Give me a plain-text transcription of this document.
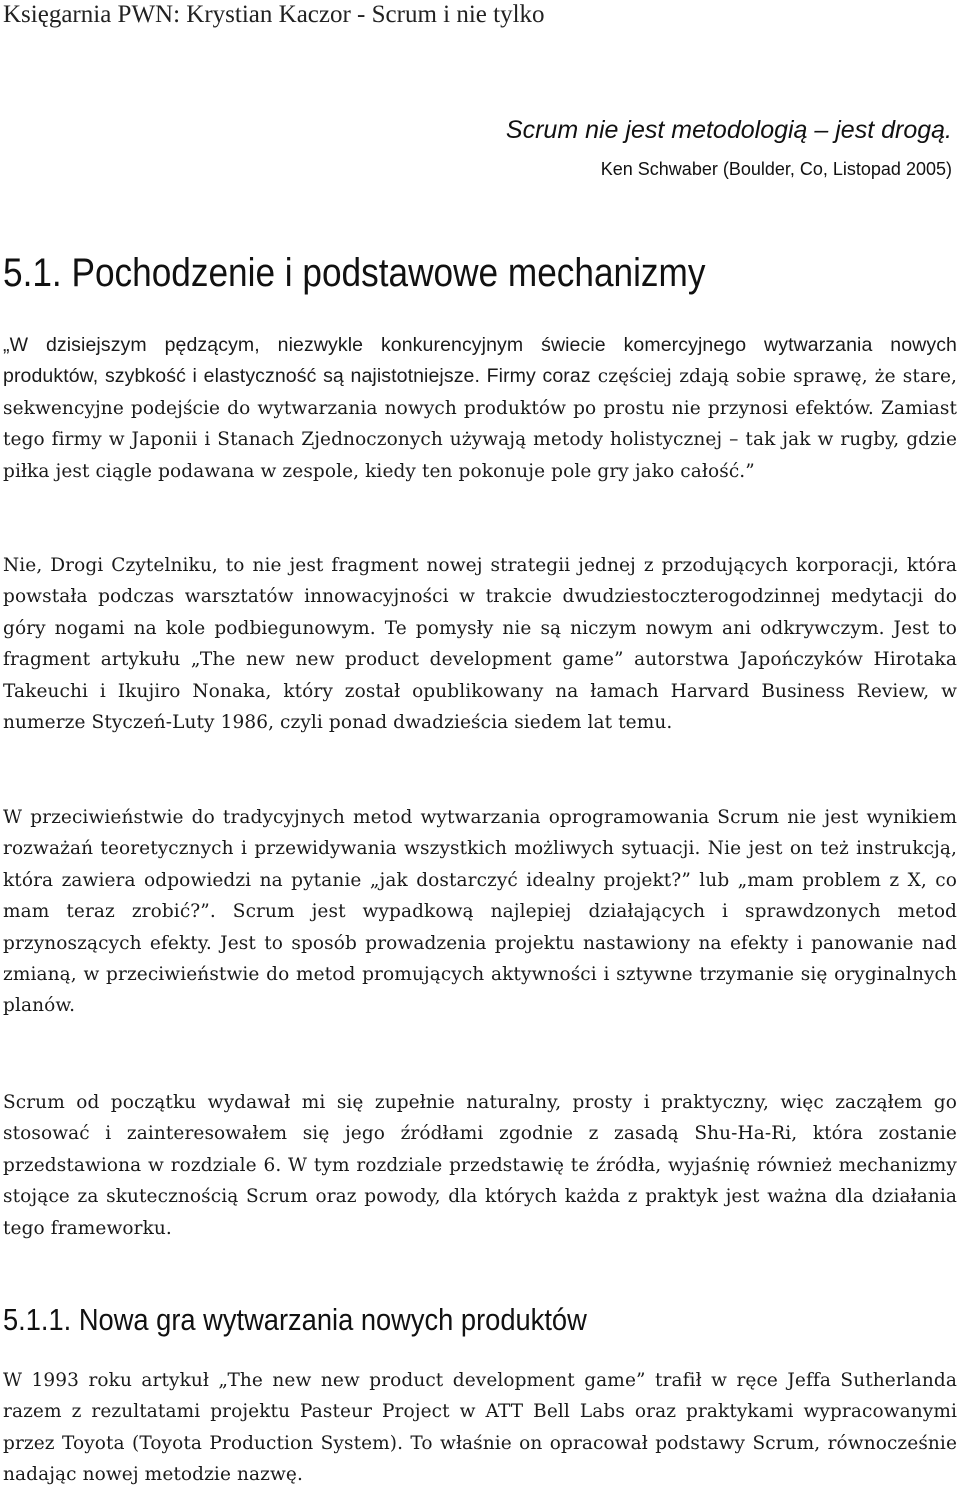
Księgarnia PWN: Krystian Kaczor - Scrum i nie tylko
Scrum nie jest metodologią – jest drogą.
Ken Schwaber (Boulder, Co, Listopad 2005)
5.1. Pochodzenie i podstawowe mechanizmy

„W dzisiejszym pędzącym, niezwykle konkurencyjnym świecie komercyjnego wytwarzania nowych produktów, szybkość i elastyczność są najistotniejsze. Firmy coraz częściej zdają sobie sprawę, że stare, sekwencyjne podejście do wytwarzania nowych produktów po prostu nie przynosi efektów. Zamiast tego firmy w Japonii i Stanach Zjednoczonych używają metody holistycznej – tak jak w rugby, gdzie piłka jest ciągle podawana w zespole, kiedy ten pokonuje pole gry jako całość.”

Nie, Drogi Czytelniku, to nie jest fragment nowej strategii jednej z przodujących korporacji, która powstała podczas warsztatów innowacyjności w trakcie dwudziestoczterogodzinnej medytacji do góry nogami na kole podbiegunowym. Te pomysły nie są niczym nowym ani odkrywczym. Jest to fragment artykułu „The new new product development game” autorstwa Japończyków Hirotaka Takeuchi i Ikujiro Nonaka, który został opublikowany na łamach Harvard Business Review, w numerze Styczeń-Luty 1986, czyli ponad dwadzieścia siedem lat temu.

W przeciwieństwie do tradycyjnych metod wytwarzania oprogramowania Scrum nie jest wynikiem rozważań teoretycznych i przewidywania wszystkich możliwych sytuacji. Nie jest on też instrukcją, która zawiera odpowiedzi na pytanie „jak dostarczyć idealny projekt?” lub „mam problem z X, co mam teraz zrobić?”. Scrum jest wypadkową najlepiej działających i sprawdzonych metod przynoszących efekty. Jest to sposób prowadzenia projektu nastawiony na efekty i panowanie nad zmianą, w przeciwieństwie do metod promujących aktywności i sztywne trzymanie się oryginalnych planów.

Scrum od początku wydawał mi się zupełnie naturalny, prosty i praktyczny, więc zacząłem go stosować i zainteresowałem się jego źródłami zgodnie z zasadą Shu-Ha-Ri, która zostanie przedstawiona w rozdziale 6. W tym rozdziale przedstawię te źródła, wyjaśnię również mechanizmy stojące za skutecznością Scrum oraz powody, dla których każda z praktyk jest ważna dla działania tego frameworku.

5.1.1. Nowa gra wytwarzania nowych produktów

W 1993 roku artykuł „The new new product development game” trafił w ręce Jeffa Sutherlanda razem z rezultatami projektu Pasteur Project w ATT Bell Labs oraz praktykami wypracowanymi przez Toyota (Toyota Production System). To właśnie on opracował podstawy Scrum, równocześnie nadając nowej metodzie nazwę.
